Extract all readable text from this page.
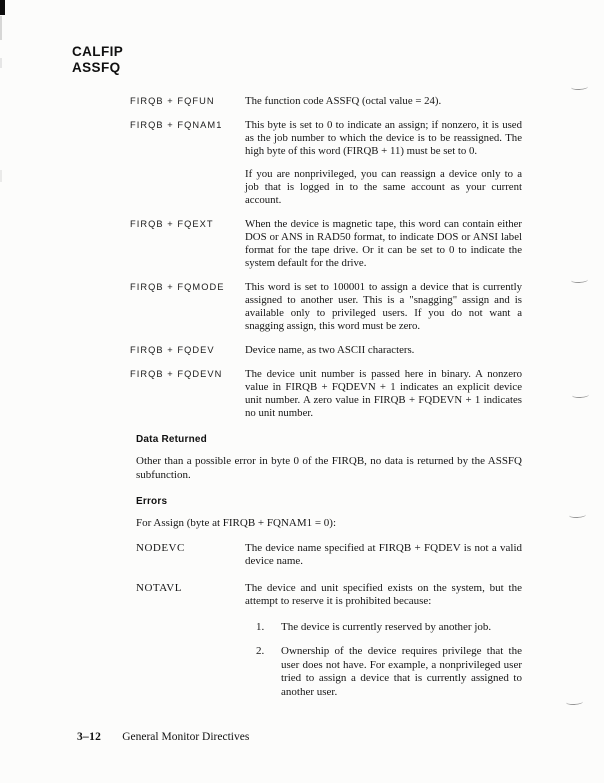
CALFIP
ASSFQ
FIRQB + FQFUN	The function code ASSFQ (octal value = 24).

FIRQB + FQNAM1	This byte is set to 0 to indicate an assign; if nonzero, it is used as the job number to which the device is to be reassigned. The high byte of this word (FIRQB + 11) must be set to 0.

If you are nonprivileged, you can reassign a device only to a job that is logged in to the same account as your current account.

FIRQB + FQEXT	When the device is magnetic tape, this word can contain either DOS or ANS in RAD50 format, to indicate DOS or ANSI label format for the tape drive. Or it can be set to 0 to indicate the system default for the drive.

FIRQB + FQMODE	This word is set to 100001 to assign a device that is currently assigned to another user. This is a "snagging" assign and is available only to privileged users. If you do not want a snagging assign, this word must be zero.

FIRQB + FQDEV	Device name, as two ASCII characters.

FIRQB + FQDEVN	The device unit number is passed here in binary. A nonzero value in FIRQB + FQDEVN + 1 indicates an explicit device unit number. A zero value in FIRQB + FQDEVN + 1 indicates no unit number.

Data Returned

Other than a possible error in byte 0 of the FIRQB, no data is returned by the ASSFQ subfunction.

Errors

For Assign (byte at FIRQB + FQNAM1 = 0):

NODEVC	The device name specified at FIRQB + FQDEV is not a valid device name.

NOTAVL	The device and unit specified exists on the system, but the attempt to reserve it is prohibited because:

1.	The device is currently reserved by another job.
2.	Ownership of the device requires privilege that the user does not have. For example, a nonprivileged user tried to assign a device that is currently assigned to another user.
3–12 General Monitor Directives
